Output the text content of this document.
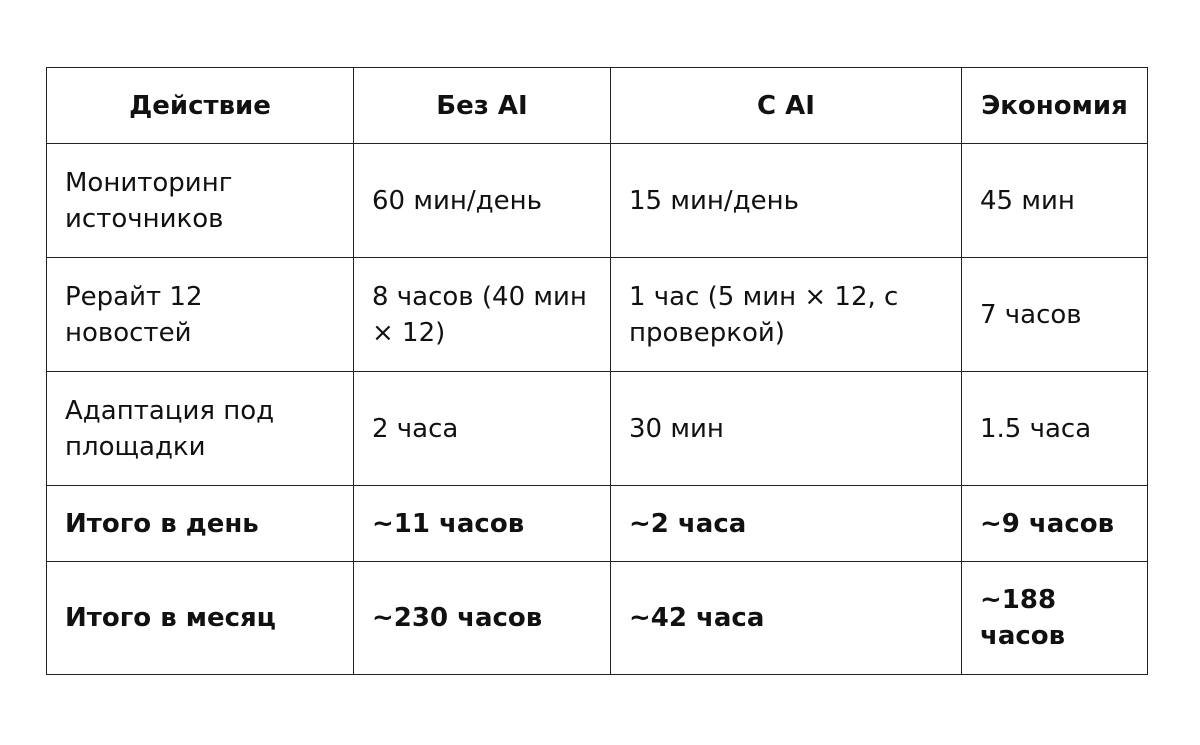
Действие	Без AI	С AI	Экономия
Мониторинг источников	60 мин/день	15 мин/день	45 мин
Рерайт 12 новостей	8 часов (40 мин × 12)	1 час (5 мин × 12, с проверкой)	7 часов
Адаптация под площадки	2 часа	30 мин	1.5 часа
Итого в день	~11 часов	~2 часа	~9 часов
Итого в месяц	~230 часов	~42 часа	~188 часов
